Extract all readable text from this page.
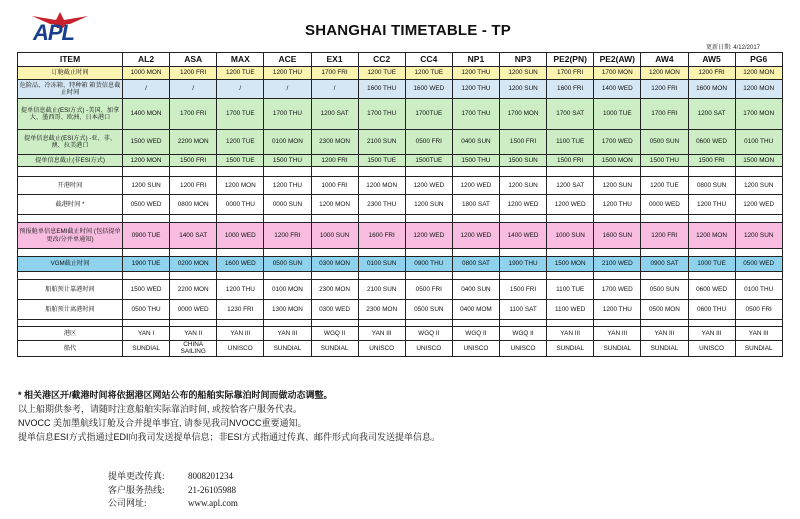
APL	SHANGHAI TIMETABLE - TP
更新日期: 4/12/2017
ITEM	AL2	ASA	MAX	ACE	EX1	CC2	CC4	NP1	NP3	PE2(PN)	PE2(AW)	AW4	AW5	PG6
订舱截止时间	1000 MON	1200 FRI	1200 TUE	1200 THU	1700 FRI	1200 TUE	1200 TUE	1200 THU	1200 SUN	1700 FRI	1700 MON	1200 MON	1200 FRI	1200 MON
危险品、冷冻箱、特种箱 箱货信息截止时间	/	/	/	/	/	1600 THU	1600 WED	1200 THU	1200 SUN	1600 FRI	1400 WED	1200 FRI	1600 MON	1200 MON
提单信息截止(ESI方式) -美国、加拿大、墨西哥、欧洲、日本港口	1400 MON	1700 FRI	1700 TUE	1700 THU	1200 SAT	1700 THU	1700TUE	1700 THU	1700 MON	1700 SAT	1000 TUE	1700 FRI	1200 SAT	1700 MON
提单信息截止(ESI方式) -亚、非、澳、拉美港口	1500 WED	2200 MON	1200 TUE	0100 MON	2300 MON	2100 SUN	0500 FRI	0400 SUN	1500 FRI	1100 TUE	1700 WED	0500 SUN	0600 WED	0100 THU
提单信息截止(非ESI方式)	1200 MON	1500 FRI	1500 TUE	1500 THU	1200 FRI	1500 TUE	1500TUE	1500 THU	1500 SUN	1500 FRI	1500 MON	1500 THU	1500 FRI	1500 MON

开港时间	1200 SUN	1200 FRI	1200 MON	1200 THU	1000 FRI	1200 MON	1200 WED	1200 WED	1200 SUN	1200 SAT	1200 SUN	1200 TUE	0800 SUN	1200 SUN
截港时间 *	0500 WED	0800 MON	0000 THU	0000 SUN	1200 MON	2300 THU	1200 SUN	1800 SAT	1200 WED	1200 WED	1200 THU	0000 WED	1200 THU	1200 WED

预报舱单信息EMI截止时间 (包括提单更改/分并单通知)	0900 TUE	1400 SAT	1000 WED	1200 FRI	1000 SUN	1600 FRI	1200 WED	1200 WED	1400 WED	1000 SUN	1600 SUN	1200 FRI	1200 MON	1200 SUN

VGM截止时间	1900 TUE	0200 MON	1600 WED	0500 SUN	0300 MON	0100 SUN	0900 THU	0800 SAT	1900 THU	1500 MON	2100 WED	0900 SAT	1000 TUE	0500 WED

船舶预计靠港时间	1500 WED	2200 MON	1200 THU	0100 MON	2300 MON	2100 SUN	0500 FRI	0400 SUN	1500 FRI	1100 TUE	1700 WED	0500 SUN	0600 WED	0100 THU
船舶预计离港时间	0500 THU	0000 WED	1230 FRI	1300 MON	0300 WED	2300 MON	0500 SUN	0400 MOM	1100 SAT	1100 WED	1200 THU	0500 MON	0600 THU	0500 FRI

港区	YAN I	YAN II	YAN III	YAN III	WGQ II	YAN III	WGQ II	WGQ II	WGQ II	YAN III	YAN III	YAN III	YAN III	YAN III
船代	SUNDIAL	CHINA SAILING	UNISCO	SUNDIAL	SUNDIAL	UNISCO	UNISCO	UNISCO	UNISCO	SUNDIAL	SUNDIAL	SUNDIAL	UNISCO	SUNDIAL
* 相关港区开/截港时间将依据港区网站公布的船舶实际靠泊时间而做动态调整。
以上船期供参考，请随时注意船舶实际靠泊时间, 或按恰客户服务代表。
NVOCC 美加墨航线订舱及合并提单事宜, 请参见我司NVOCC重要通知。
提单信息ESI方式指通过EDI向我司发送提单信息；非ESI方式指通过传真、邮件形式向我司发送提单信息。
提单更改传真:	8008201234
客户服务热线:	21-26105988
公司网址:	www.apl.com
